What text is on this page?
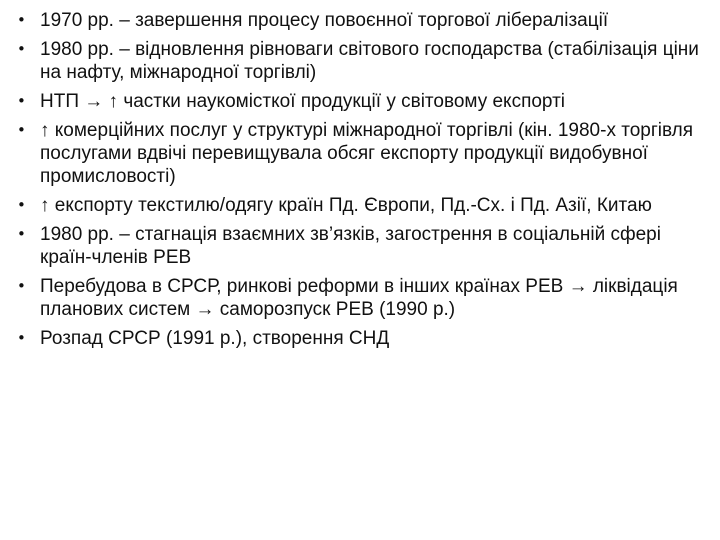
• 1970 рр. – завершення процесу повоєнної торгової лібералізації
• 1980 рр. – відновлення рівноваги світового господарства (стабілізація ціни на нафту, міжнародної торгівлі)
• НТП → ↑ частки наукомісткої продукції у світовому експорті
• ↑ комерційних послуг у структурі міжнародної торгівлі (кін. 1980-х торгівля послугами вдвічі перевищувала обсяг експорту продукції видобувної промисловості)
• ↑ експорту текстилю/одягу країн Пд. Європи, Пд.-Сх. і Пд. Азії, Китаю
• 1980 рр. – стагнація взаємних зв’язків, загострення в соціальній сфері країн-членів РЕВ
• Перебудова в СРСР, ринкові реформи в інших країнах РЕВ → ліквідація планових систем → саморозпуск РЕВ (1990 р.)
• Розпад СРСР (1991 р.), створення СНД
